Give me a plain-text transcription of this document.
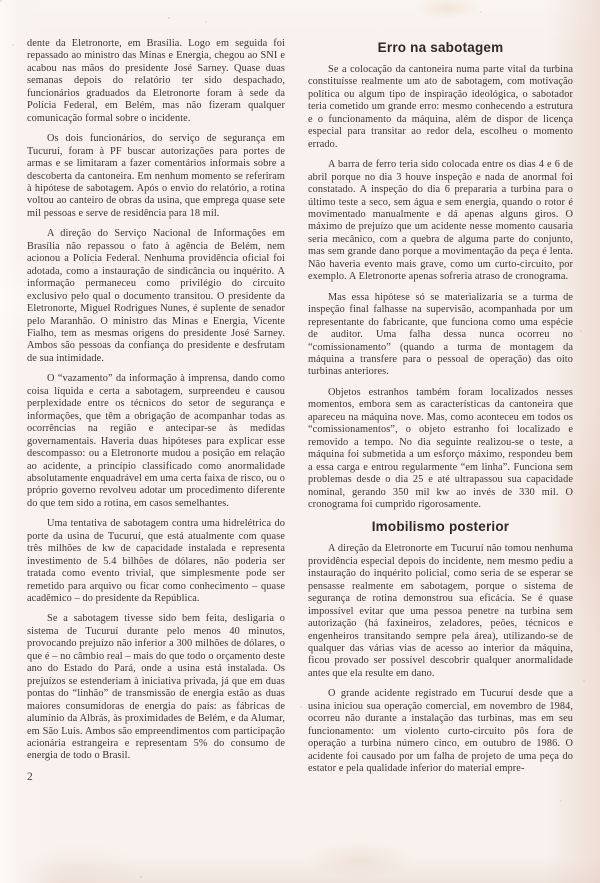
dente da Eletronorte, em Brasília. Logo em seguida foi repassado ao ministro das Minas e Energia, chegou ao SNI e acabou nas mãos do presidente José Sarney. Quase duas semanas depois do relatório ter sido despachado, funcionários graduados da Eletronorte foram à sede da Polícia Federal, em Belém, mas não fizeram qualquer comunicação formal sobre o incidente.

Os dois funcionários, do serviço de segurança em Tucuruí, foram à PF buscar autorizações para portes de armas e se limitaram a fazer comentários informais sobre a descoberta da cantoneira. Em nenhum momento se referiram à hipótese de sabotagem. Após o envio do relatório, a rotina voltou ao canteiro de obras da usina, que emprega quase sete mil pessoas e serve de residência para 18 mil.

A direção do Serviço Nacional de Informações em Brasília não repassou o fato à agência de Belém, nem acionou a Polícia Federal. Nenhuma providência oficial foi adotada, como a instauração de sindicância ou inquérito. A informação permaneceu como privilégio do circuito exclusivo pelo qual o documento transitou. O presidente da Eletronorte, Miguel Rodrigues Nunes, é suplente de senador pelo Maranhão. O ministro das Minas e Energia, Vicente Fialho, tem as mesmas origens do presidente José Sarney. Ambos são pessoas da confiança do presidente e desfrutam de sua intimidade.

O “vazamento” da informação à imprensa, dando como coisa líquida e certa a sabotagem, surpreendeu e causou perplexidade entre os técnicos do setor de segurança e informações, que têm a obrigação de acompanhar todas as ocorrências na região e antecipar-se às medidas governamentais. Haveria duas hipóteses para explicar esse descompasso: ou a Eletronorte mudou a posição em relação ao acidente, a princípio classificado como anormalidade absolutamente enquadrável em uma certa faixa de risco, ou o próprio governo revolveu adotar um procedimento diferente do que tem sido a rotina, em casos semelhantes.

Uma tentativa de sabotagem contra uma hidrelétrica do porte da usina de Tucuruí, que está atualmente com quase três milhões de kw de capacidade instalada e representa investimento de 5.4 bilhões de dólares, não poderia ser tratada como evento trivial, que simplesmente pode ser remetido para arquivo ou ficar como conhecimento – quase acadêmico – do presidente da República.

Se a sabotagem tivesse sido bem feita, desligaria o sistema de Tucuruí durante pelo menos 40 minutos, provocando prejuízo não inferior a 300 milhões de dólares, o que é – no câmbio real – mais do que todo o orçamento deste ano do Estado do Pará, onde a usina está instalada. Os prejuízos se estenderiam à iniciativa privada, já que em duas pontas do “linhão” de transmissão de energia estão as duas maiores consumidoras de energia do país: as fábricas de alumínio da Albrás, às proximidades de Belém, e da Alumar, em São Luís. Ambos são empreendimentos com participação acionária estrangeira e representam 5% do consumo de energia de todo o Brasil.

2
Erro na sabotagem

Se a colocação da cantoneira numa parte vital da turbina constituísse realmente um ato de sabotagem, com motivação política ou algum tipo de inspiração ideológica, o sabotador teria cometido um grande erro: mesmo conhecendo a estrutura e o funcionamento da máquina, além de dispor de licença especial para transitar ao redor dela, escolheu o momento errado.

A barra de ferro teria sido colocada entre os dias 4 e 6 de abril porque no dia 3 houve inspeção e nada de anormal foi constatado. A inspeção do dia 6 prepararia a turbina para o último teste a seco, sem água e sem energia, quando o rotor é movimentado manualmente e dá apenas alguns giros. O máximo de prejuízo que um acidente nesse momento causaria seria mecânico, com a quebra de alguma parte do conjunto, mas sem grande dano porque a movimentação da peça é lenta. Não haveria evento mais grave, como um curto-circuito, por exemplo. A Eletronorte apenas sofreria atraso de cronograma.

Mas essa hipótese só se materializaria se a turma de inspeção final falhasse na supervisão, acompanhada por um representante do fabricante, que funciona como uma espécie de auditor. Uma falha dessa nunca ocorreu no “comissionamento” (quando a turma de montagem da máquina a transfere para o pessoal de operação) das oito turbinas anteriores.

Objetos estranhos também foram localizados nesses momentos, embora sem as características da cantoneira que apareceu na máquina nove. Mas, como aconteceu em todos os “comissionamentos”, o objeto estranho foi localizado e removido a tempo. No dia seguinte realizou-se o teste, a máquina foi submetida a um esforço máximo, respondeu bem a essa carga e entrou regularmente “em linha”. Funciona sem problemas desde o dia 25 e até ultrapassou sua capacidade nominal, gerando 350 mil kw ao invés de 330 mil. O cronograma foi cumprido rigorosamente.

Imobilismo posterior

A direção da Eletronorte em Tucuruí não tomou nenhuma providência especial depois do incidente, nem mesmo pediu a instauração do inquérito policial, como seria de se esperar se pensasse realmente em sabotagem, porque o sistema de segurança de rotina demonstrou sua eficácia. Se é quase impossível evitar que uma pessoa penetre na turbina sem autorização (há faxineiros, zeladores, peões, técnicos e engenheiros transitando sempre pela área), utilizando-se de qualquer das várias vias de acesso ao interior da máquina, ficou provado ser possível descobrir qualquer anormalidade antes que ela resulte em dano.

O grande acidente registrado em Tucuruí desde que a usina iniciou sua operação comercial, em novembro de 1984, ocorreu não durante a instalação das turbinas, mas em seu funcionamento: um violento curto-circuito pôs fora de operação a turbina número cinco, em outubro de 1986. O acidente foi causado por um falha de projeto de uma peça do estator e pela qualidade inferior do material empre-
